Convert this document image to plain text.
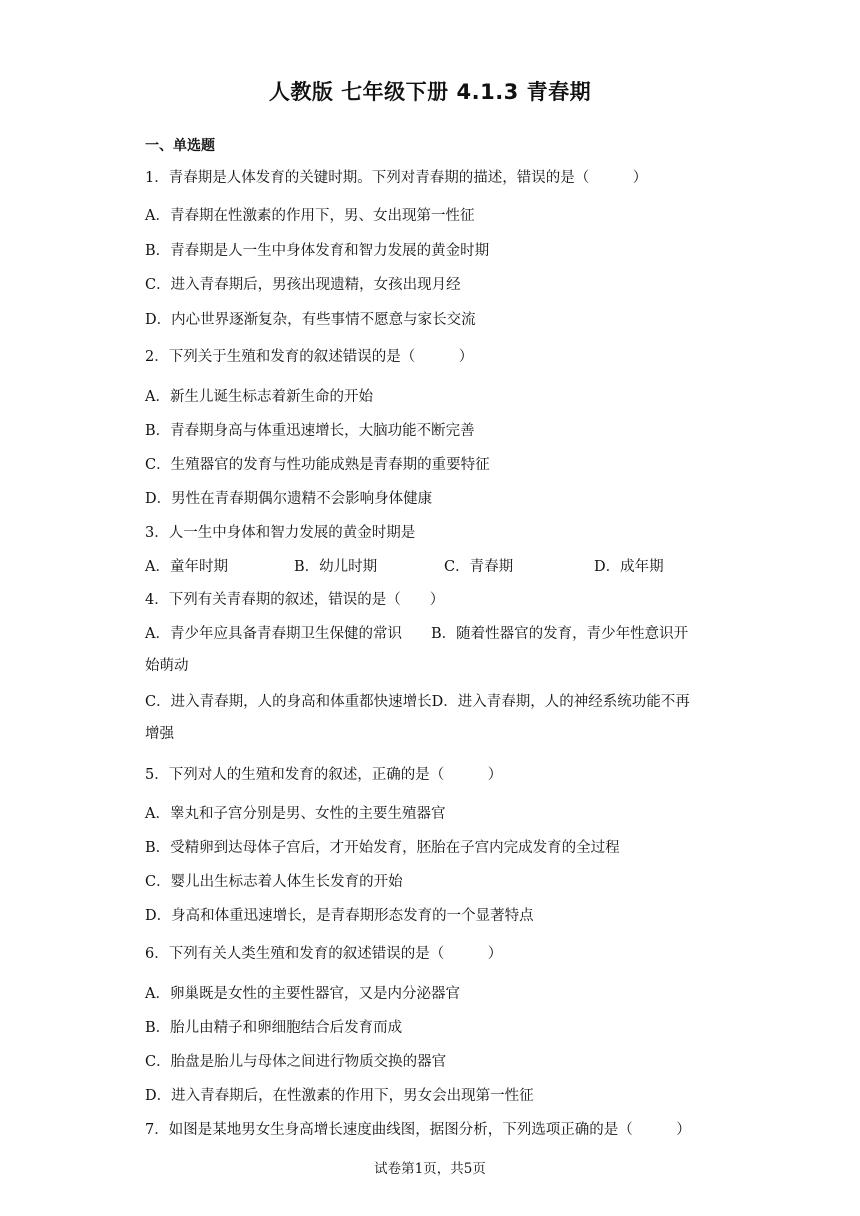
人教版 七年级下册 4.1.3 青春期
一、单选题
1．青春期是人体发育的关键时期。下列对青春期的描述，错误的是（　　　）
A．青春期在性激素的作用下，男、女出现第一性征
B．青春期是人一生中身体发育和智力发展的黄金时期
C．进入青春期后，男孩出现遗精，女孩出现月经
D．内心世界逐渐复杂，有些事情不愿意与家长交流
2．下列关于生殖和发育的叙述错误的是（　　　）
A．新生儿诞生标志着新生命的开始
B．青春期身高与体重迅速增长，大脑功能不断完善
C．生殖器官的发育与性功能成熟是青春期的重要特征
D．男性在青春期偶尔遗精不会影响身体健康
3．人一生中身体和智力发展的黄金时期是
A．童年时期	B．幼儿时期	C．青春期	D．成年期
4．下列有关青春期的叙述，错误的是（　　）
A．青少年应具备青春期卫生保健的常识　　B．随着性器官的发育，青少年性意识开
始萌动
C．进入青春期，人的身高和体重都快速增长D．进入青春期，人的神经系统功能不再
增强
5．下列对人的生殖和发育的叙述，正确的是（　　　）
A．睾丸和子宫分别是男、女性的主要生殖器官
B．受精卵到达母体子宫后，才开始发育，胚胎在子宫内完成发育的全过程
C．婴儿出生标志着人体生长发育的开始
D．身高和体重迅速增长，是青春期形态发育的一个显著特点
6．下列有关人类生殖和发育的叙述错误的是（　　　）
A．卵巢既是女性的主要性器官，又是内分泌器官
B．胎儿由精子和卵细胞结合后发育而成
C．胎盘是胎儿与母体之间进行物质交换的器官
D．进入青春期后，在性激素的作用下，男女会出现第一性征
7．如图是某地男女生身高增长速度曲线图，据图分析，下列选项正确的是（　　　）
试卷第1页，共5页
